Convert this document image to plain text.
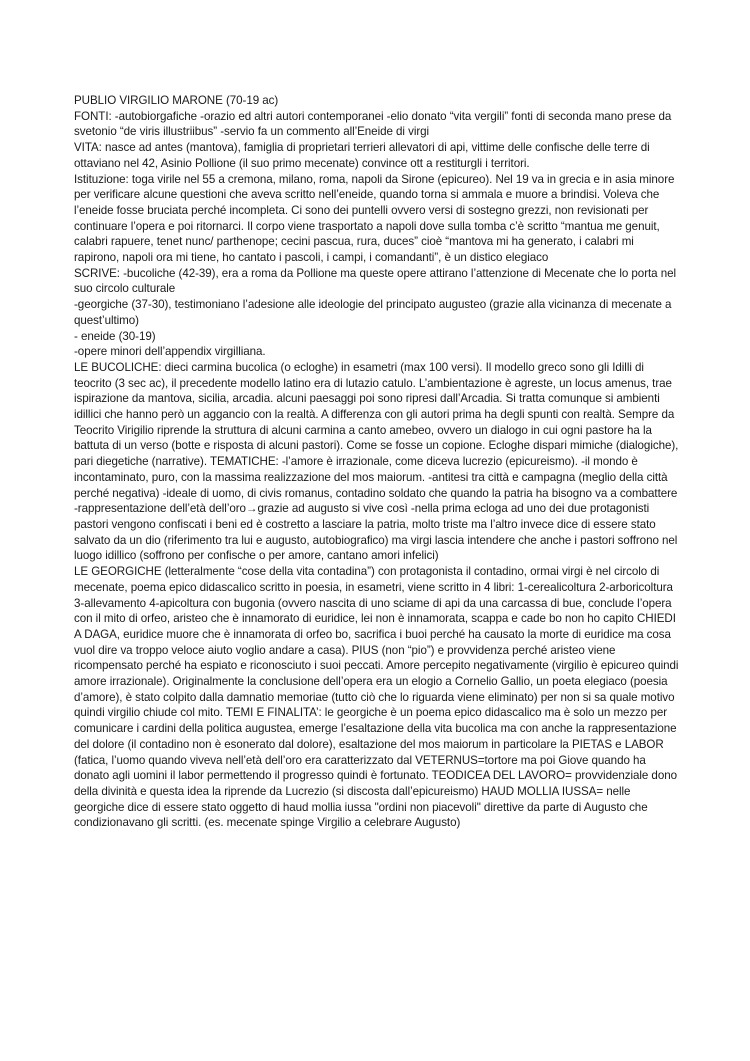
PUBLIO VIRGILIO MARONE (70-19 ac)

FONTI: -autobiorgafiche -orazio ed altri autori contemporanei -elio donato “vita vergili” fonti di seconda mano prese da svetonio “de viris illustriibus” -servio fa un commento all’Eneide di virgi

VITA: nasce ad antes (mantova), famiglia di proprietari terrieri allevatori di api, vittime delle confische delle terre di ottaviano nel 42, Asinio Pollione (il suo primo mecenate) convince ott a restiturgli i territori.

Istituzione: toga virile nel 55 a cremona, milano, roma, napoli da Sirone (epicureo). Nel 19 va in grecia e in asia minore per verificare alcune questioni che aveva scritto nell’eneide, quando torna si ammala e muore a brindisi. Voleva che l’eneide fosse bruciata perché incompleta. Ci sono dei puntelli ovvero versi di sostegno grezzi, non revisionati per continuare l’opera e poi ritornarci. Il corpo viene trasportato a napoli dove sulla tomba c’è scritto “mantua me genuit, calabri rapuere, tenet nunc/ parthenope; cecini pascua, rura, duces” cioè “mantova mi ha generato, i calabri mi rapirono, napoli ora mi tiene, ho cantato i pascoli, i campi, i comandanti”, è un distico elegiaco

SCRIVE: -bucoliche (42-39), era a roma da Pollione ma queste opere attirano l’attenzione di Mecenate che lo porta nel suo circolo culturale

-georgiche (37-30), testimoniano l’adesione alle ideologie del principato augusteo (grazie alla vicinanza di mecenate a quest’ultimo)

- eneide (30-19)

-opere minori dell’appendix virgilliana.

LE BUCOLICHE: dieci carmina bucolica (o ecloghe) in esametri (max 100 versi). Il modello greco sono gli Idilli di teocrito (3 sec ac), il precedente modello latino era di lutazio catulo. L’ambientazione è agreste, un locus amenus, trae ispirazione da mantova, sicilia, arcadia. alcuni paesaggi poi sono ripresi dall’Arcadia. Si tratta comunque si ambienti idillici che hanno però un aggancio con la realtà. A differenza con gli autori prima ha degli spunti con realtà. Sempre da Teocrito Virigilio riprende la struttura di alcuni carmina a canto amebeo, ovvero un dialogo in cui ogni pastore ha la battuta di un verso (botte e risposta di alcuni pastori). Come se fosse un copione. Ecloghe dispari mimiche (dialogiche), pari diegetiche (narrative). TEMATICHE: -l’amore è irrazionale, come diceva lucrezio (epicureismo). -il mondo è incontaminato, puro, con la massima realizzazione del mos maiorum. -antitesi tra città e campagna (meglio della città perché negativa) -ideale di uomo, di civis romanus, contadino soldato che quando la patria ha bisogno va a combattere -rappresentazione dell’età dell’oro→grazie ad augusto si vive così -nella prima ecloga ad uno dei due protagonisti pastori vengono confiscati i beni ed è costretto a lasciare la patria, molto triste ma l’altro invece dice di essere stato salvato da un dio (riferimento tra lui e augusto, autobiografico) ma virgi lascia intendere che anche i pastori soffrono nel luogo idillico (soffrono per confische o per amore, cantano amori infelici)

LE GEORGICHE (letteralmente “cose della vita contadina”) con protagonista il contadino, ormai virgi è nel circolo di mecenate, poema epico didascalico scritto in poesia, in esametri, viene scritto in 4 libri: 1-cerealicoltura 2-arboricoltura 3-allevamento 4-apicoltura con bugonia (ovvero nascita di uno sciame di api da una carcassa di bue, conclude l’opera con il mito di orfeo, aristeo che è innamorato di euridice, lei non è innamorata, scappa e cade bo non ho capito CHIEDI A DAGA, euridice muore che è innamorata di orfeo bo, sacrifica i buoi perché ha causato la morte di euridice ma cosa vuol dire va troppo veloce aiuto voglio andare a casa). PIUS (non “pio”) e provvidenza perché aristeo viene ricompensato perché ha espiato e riconosciuto i suoi peccati. Amore percepito negativamente (virgilio è epicureo quindi amore irrazionale). Originalmente la conclusione dell’opera era un elogio a Cornelio Gallio, un poeta elegiaco (poesia d’amore), è stato colpito dalla damnatio memoriae (tutto ciò che lo riguarda viene eliminato) per non si sa quale motivo quindi virgilio chiude col mito. TEMI E FINALITA’: le georgiche è un poema epico didascalico ma è solo un mezzo per comunicare i cardini della politica augustea, emerge l’esaltazione della vita bucolica ma con anche la rappresentazione del dolore (il contadino non è esonerato dal dolore), esaltazione del mos maiorum in particolare la PIETAS e LABOR (fatica, l’uomo quando viveva nell’età dell’oro era caratterizzato dal VETERNUS=tortore ma poi Giove quando ha donato agli uomini il labor permettendo il progresso quindi è fortunato. TEODICEA DEL LAVORO= provvidenziale dono della divinità e questa idea la riprende da Lucrezio (si discosta dall’epicureismo) HAUD MOLLIA IUSSA= nelle georgiche dice di essere stato oggetto di haud mollia iussa "ordini non piacevoli" direttive da parte di Augusto che condizionavano gli scritti. (es. mecenate spinge Virgilio a celebrare Augusto)
